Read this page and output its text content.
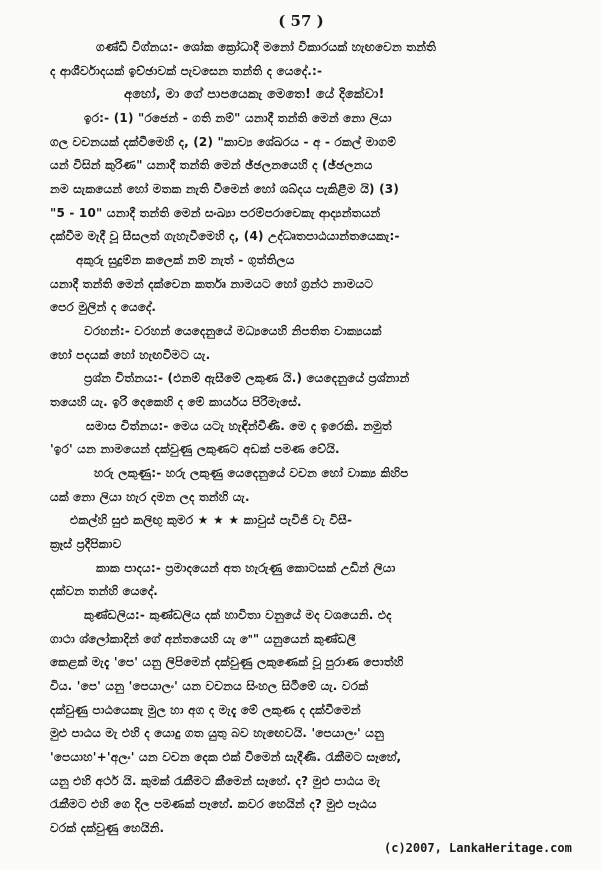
( 57 )
ගණ්ඩි විග්නය:- ශෝක ක්‍රෝධාදී මනෝ විකාරයක් හැඟවෙන තන්ති
ද ආශීර්වාදයක් ඉච්ඡාවක් පැවසෙන තන්ති ද යෙදේ.:-
අහෝ, මා ගේ පාපයෙකැ මෙතෙ! යේ දිකේවා!
ඉර:- (1) "රජෙන් - ගති නම්" යනාදී තන්ති මෙන් නො ලියා
ගල වචනයක් දක්වීමෙහි ද, (2) "කාව්‍ය ශේඛරය - අ - රකල් මාගම්
යන් විසින් කුරිණ" යනාදී තන්ති මෙන් ඡ්ඡලනයෙහි ද (ඡ්ඡලනය
නම සැකයෙන් හෝ මතක නැති වීමෙන් හෝ ශබ්දය පැකිළීම යි) (3)
"5 - 10" යනාදී තන්ති මෙන් සංඛ්‍යා පරම්පරාවෙකැ ආද්‍යන්තයන්
දක්වීම මැදී වූ සීසලත් ගැහැවීමෙහි ද, (4) උද්ධෘතපාඨයාන්තයෙකැ:-
අකුරු සුදුම්න කලෙක් නම් නැත් - ගුත්තිලය
යනාදී තන්ති මෙන් දක්වෙන කර්තෘ නාමයට හෝ ග්‍රන්ථ නාමයට
පෙර මුලින් ද යෙදේ.
වරහන්:- වරහන් යෙදෙනුයේ මධ්‍යයෙහි නිපතිත වාක්‍යයක්
හෝ පදයක් හෝ හැඟවීමට යැ.
ප්‍රශ්න චිත්නය:- (එනම් ඇසීමේ ලකුණ යි.) යෙදෙනුයේ ප්‍රශ්නාන්
තයෙහි යැ. ඉරි දෙකෙහි ද මේ කාර්යය පිරිමැසේ.
සමාස චිත්නය:- මෙය යටැ හැඳින්වීණි. මෙ ද ඉරෙකි. නමුත්
'ඉර' යන නාමයෙන් දක්වුණු ලකුණට අඩක් පමණ වේයි.
හරු ලකුණු:- හරු ලකුණු යෙදෙනුයේ වචන හෝ වාක්‍ය කිහිප
යක් නො ලියා හැර දමන ලද තන්හි යැ.
එකල්හි සුළු කලිඟු කුමර ★ ★ ★ කාවුස් පැවිජි වැ විසී-
ක්‍රෑස් ප්‍රදීපිකාව
කාක පාදය:- ප්‍රමාදයෙන් අත හැරුණු කොටසක් උඩින් ලියා
දක්වන තන්හි යෙදේ.
කුණ්ඩලිය:- කුණ්ඩලිය දක් හාවිතා වනුයේ මද වශයෙනි. එද
ගාථා ශ්ලෝකාදින් ගේ අන්තයෙහි යැ "ෙ" යනුයෙන් කුණ්ඩලී
කෙළක් මැදැ 'පෙ' යනු ලිපිමෙන් දක්වුණු ලකුණෙක් වූ පුරාණ පොත්හි
විය. 'පෙ' යනු 'පෙයාලං' යන වචනය සිංහල සිටීමේ යැ. වරක්
දක්වුණු පාඨයෙකැ මුල හා අග ද මැදැ මේ ලකුණ ද දක්වීමෙන්
මුළු පාඨය මැ එහි ද යොදු ගත යුතු බව හැඟෙවයි. 'පෙයාලං' යනු
'පෙයාහ'+'අලං' යන වචන දෙක එක් වීමෙන් සැදීණි. රැකීමට සෑහේ,
යනු එහි අර්ථ යි. කුමක් රැකීමට කීමෙන් සෑහේ. ද? මුළු පාඨය මැ
රැකීමට එහි ගෙ දිල පමණක් පෑහේ. කවර හෙයින් ද? මුළු පෑඨය
වරක් දක්වුණු හෙයිනි.
(c)2007, LankaHeritage.com
